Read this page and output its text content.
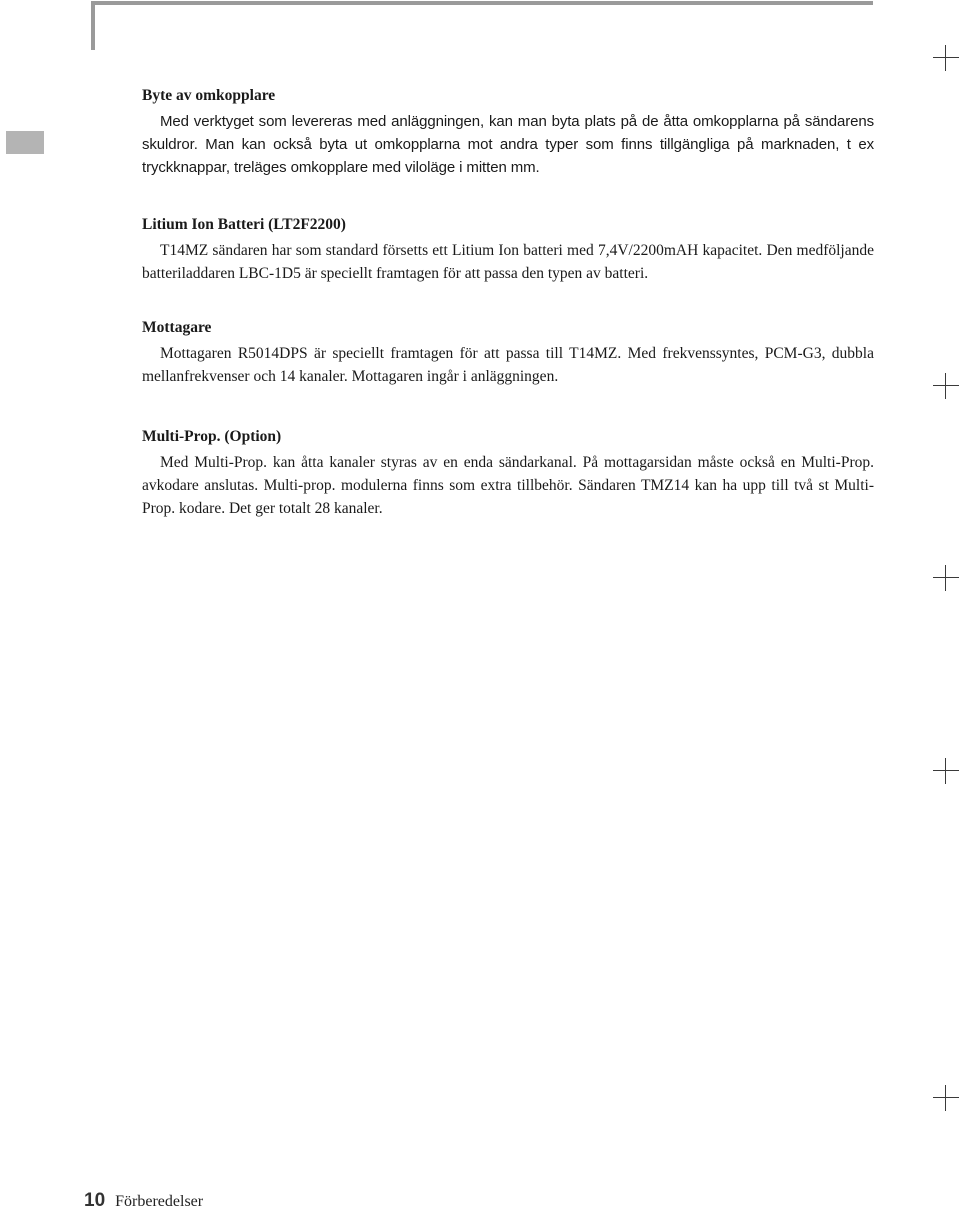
Byte av omkopplare

Med verktyget som levereras med anläggningen, kan man byta plats på de åtta omkopplarna på sändarens skuldror. Man kan också byta ut omkopplarna mot andra typer som finns tillgängliga på marknaden, t ex tryckknappar, treläges omkopplare med viloläge i mitten mm.

Litium Ion Batteri (LT2F2200)

T14MZ sändaren har som standard försetts ett Litium Ion batteri med 7,4V/2200mAH kapacitet. Den medföljande batteriladdaren LBC-1D5 är speciellt framtagen för att passa den typen av batteri.

Mottagare

Mottagaren R5014DPS är speciellt framtagen för att passa till T14MZ. Med frekvenssyntes, PCM-G3, dubbla mellanfrekvenser och 14 kanaler. Mottagaren ingår i anläggningen.

Multi-Prop. (Option)

Med Multi-Prop. kan åtta kanaler styras av en enda sändarkanal. På mottagarsidan måste också en Multi-Prop. avkodare anslutas. Multi-prop. modulerna finns som extra tillbehör. Sändaren TMZ14 kan ha upp till två st Multi-Prop. kodare. Det ger totalt 28 kanaler.

10 Förberedelser
